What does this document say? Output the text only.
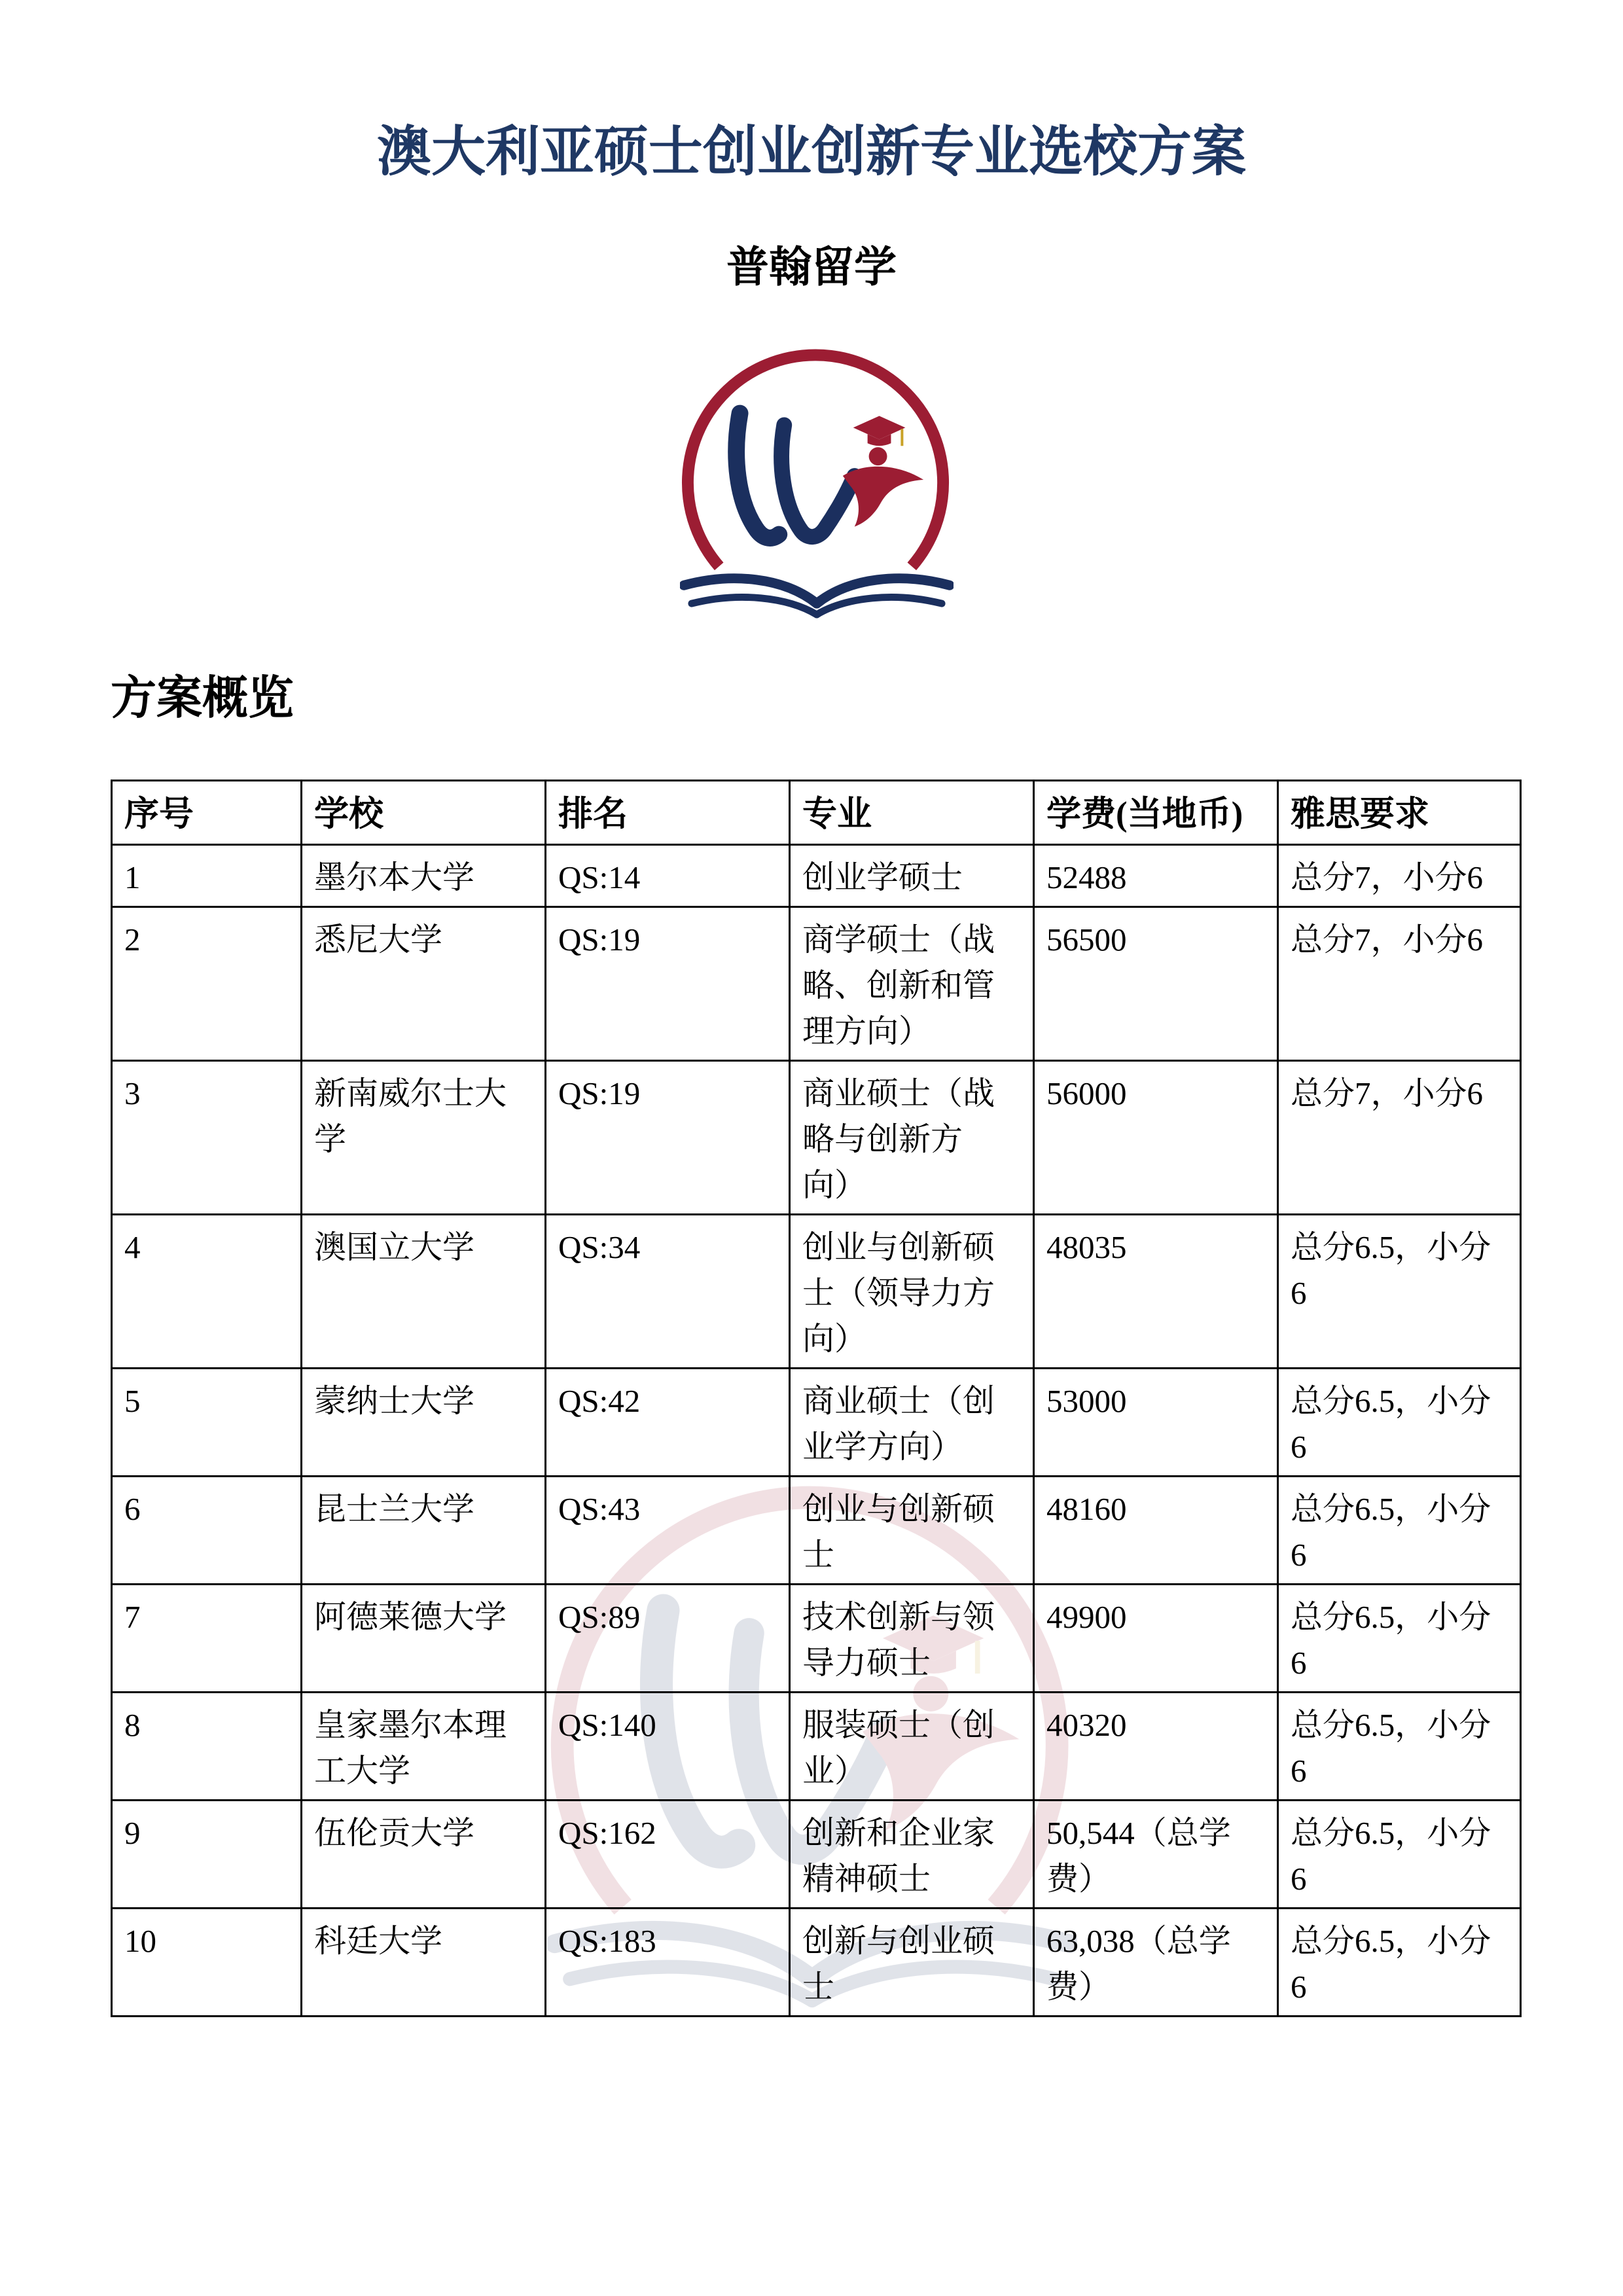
澳大利亚硕士创业创新专业选校方案
普翰留学
方案概览
序号	学校	排名	专业	学费(当地币)	雅思要求
1	墨尔本大学	QS:14	创业学硕士	52488	总分7，小分6
2	悉尼大学	QS:19	商学硕士（战略、创新和管理方向）	56500	总分7，小分6
3	新南威尔士大学	QS:19	商业硕士（战略与创新方向）	56000	总分7，小分6
4	澳国立大学	QS:34	创业与创新硕士（领导力方向）	48035	总分6.5，小分6
5	蒙纳士大学	QS:42	商业硕士（创业学方向）	53000	总分6.5，小分6
6	昆士兰大学	QS:43	创业与创新硕士	48160	总分6.5，小分6
7	阿德莱德大学	QS:89	技术创新与领导力硕士	49900	总分6.5，小分6
8	皇家墨尔本理工大学	QS:140	服装硕士（创业）	40320	总分6.5，小分6
9	伍伦贡大学	QS:162	创新和企业家精神硕士	50,544（总学费）	总分6.5，小分6
10	科廷大学	QS:183	创新与创业硕士	63,038（总学费）	总分6.5，小分6
